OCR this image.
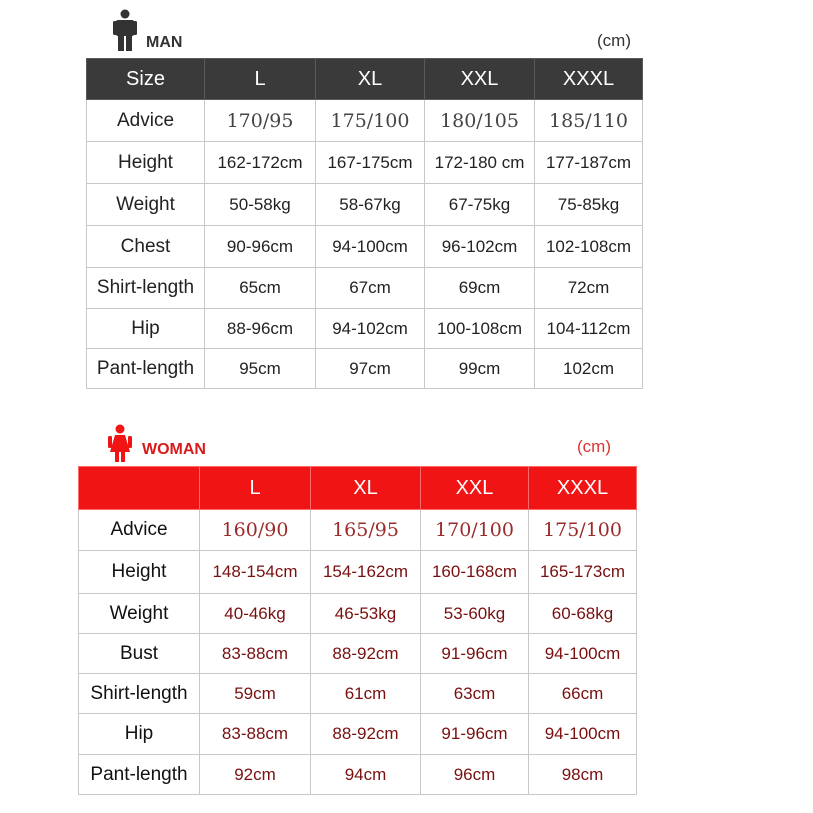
MAN	(cm)
Size	L	XL	XXL	XXXL
Advice	170/95	175/100	180/105	185/110
Height	162-172cm	167-175cm	172-180 cm	177-187cm
Weight	50-58kg	58-67kg	67-75kg	75-85kg
Chest	90-96cm	94-100cm	96-102cm	102-108cm
Shirt-length	65cm	67cm	69cm	72cm
Hip	88-96cm	94-102cm	100-108cm	104-112cm
Pant-length	95cm	97cm	99cm	102cm
WOMAN	(cm)
	L	XL	XXL	XXXL
Advice	160/90	165/95	170/100	175/100
Height	148-154cm	154-162cm	160-168cm	165-173cm
Weight	40-46kg	46-53kg	53-60kg	60-68kg
Bust	83-88cm	88-92cm	91-96cm	94-100cm
Shirt-length	59cm	61cm	63cm	66cm
Hip	83-88cm	88-92cm	91-96cm	94-100cm
Pant-length	92cm	94cm	96cm	98cm
